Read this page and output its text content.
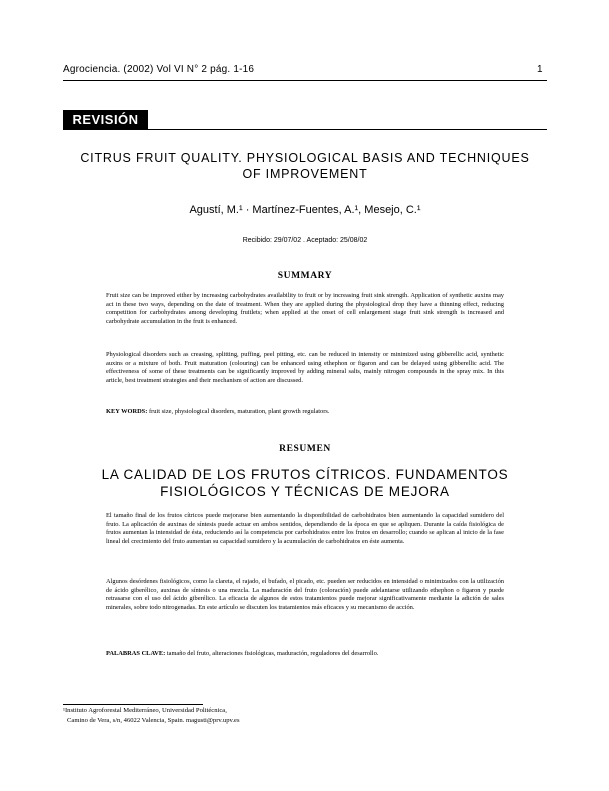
Agrociencia. (2002) Vol VI N° 2 pág. 1-16	1
REVISIÓN
CITRUS FRUIT QUALITY. PHYSIOLOGICAL BASIS AND TECHNIQUES
OF IMPROVEMENT
Agustí, M.¹ · Martínez-Fuentes, A.¹, Mesejo, C.¹
Recibido: 29/07/02 . Aceptado: 25/08/02
SUMMARY

Fruit size can be improved either by increasing carbohydrates availability to fruit or by increasing fruit sink strength. Application of synthetic auxins may act in these two ways, depending on the date of treatment. When they are applied during the physiological drop they have a thinning effect, reducing competition for carbohydrates among developing fruitlets; when applied at the onset of cell enlargement stage fruit sink strength is increased and carbohydrate accumulation in the fruit is enhanced.

Physiological disorders such as creasing, splitting, puffing, peel pitting, etc. can be reduced in intensity or minimized using gibberellic acid, synthetic auxins or a mixture of both. Fruit maturation (colouring) can be enhanced using ethephon or figaron and can be delayed using gibberellic acid. The effectiveness of some of these treatments can be significantly improved by adding mineral salts, mainly nitrogen compounds in the spray mix. In this article, best treatment strategies and their mechanism of action are discussed.

KEY WORDS: fruit size, physiological disorders, maturation, plant growth regulators.
RESUMEN
LA CALIDAD DE LOS FRUTOS CÍTRICOS. FUNDAMENTOS
FISIOLÓGICOS Y TÉCNICAS DE MEJORA

El tamaño final de los frutos cítricos puede mejorarse bien aumentando la disponibilidad de carbohidratos bien aumentando la capacidad sumidero del fruto. La aplicación de auxinas de síntesis puede actuar en ambos sentidos, dependiendo de la época en que se apliquen. Durante la caída fisiológica de frutos aumentan la intensidad de ésta, reduciendo así la competencia por carbohidratos entre los frutos en desarrollo; cuando se aplican al inicio de la fase lineal del crecimiento del fruto aumentan su capacidad sumidero y la acumulación de carbohidratos en éste aumenta.

Algunos desórdenes fisiológicos, como la clareta, el rajado, el bufado, el picado, etc. pueden ser reducidos en intensidad o minimizados con la utilización de ácido giberélico, auxinas de síntesis o una mezcla. La maduración del fruto (coloración) puede adelantarse utilizando ethephon o figaron y puede retrasarse con el uso del ácido giberélico. La eficacia de algunos de estos tratamientos puede mejorar significativamente mediante la adición de sales minerales, sobre todo nitrogenadas. En este artículo se discuten los tratamientos más eficaces y su mecanismo de acción.

PALABRAS CLAVE: tamaño del fruto, alteraciones fisiológicas, maduración, reguladores del desarrollo.
¹Instituto Agroforestal Mediterráneo, Universidad Politécnica,
Camino de Vera, s/n, 46022 Valencia, Spain. magusti@prv.upv.es
